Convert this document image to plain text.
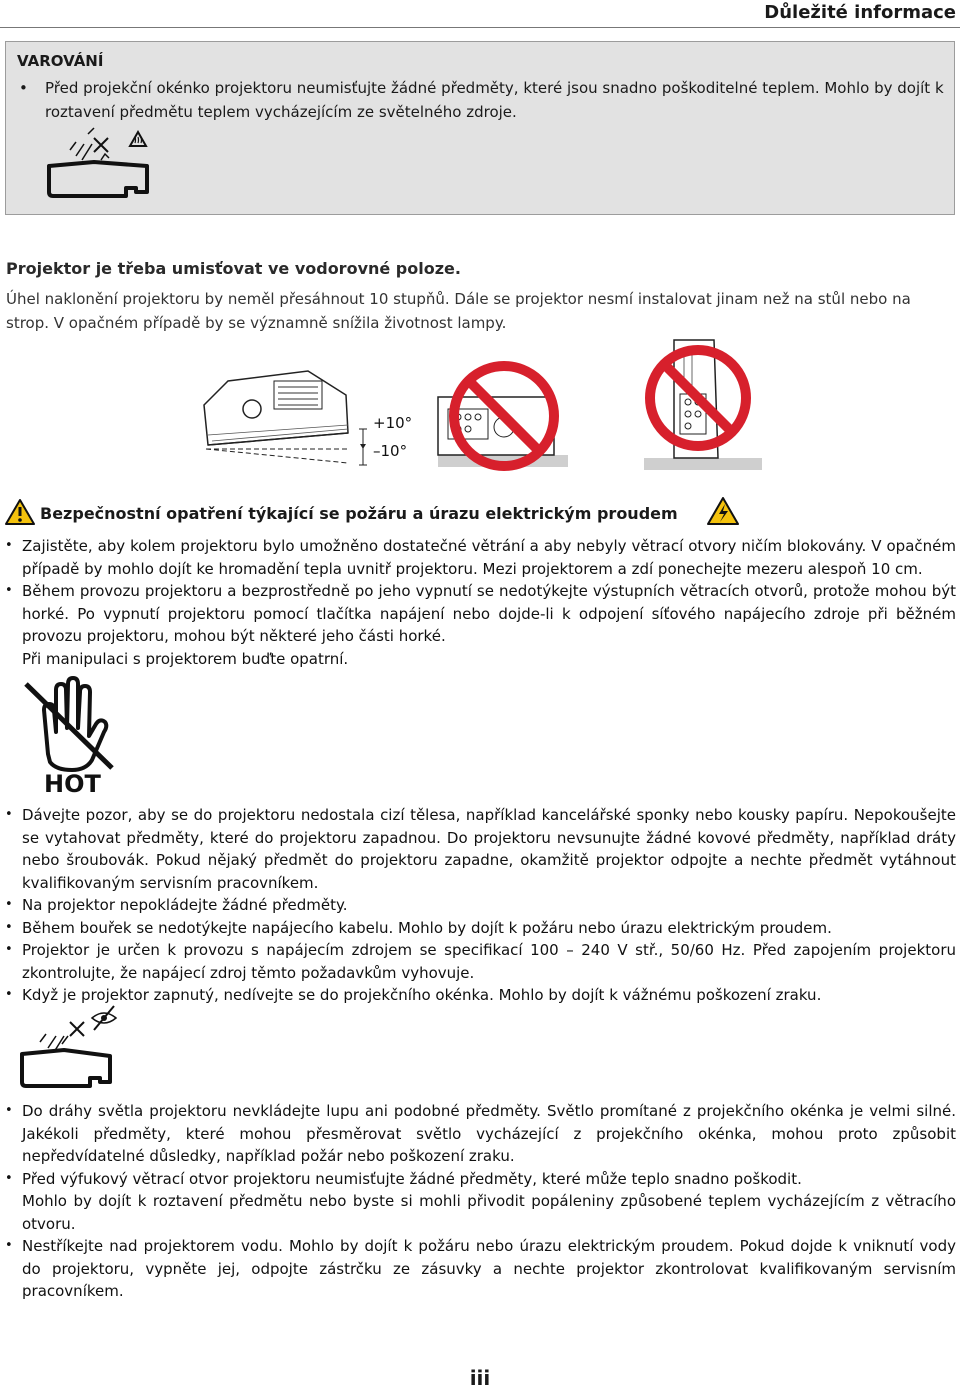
Důležité informace
VAROVÁNÍ
• Před projekční okénko projektoru neumisťujte žádné předměty, které jsou snadno poškoditelné teplem. Mohlo by dojít k roztavení předmětu teplem vycházejícím ze světelného zdroje.
Projektor je třeba umisťovat ve vodorovné poloze.
Úhel naklonění projektoru by neměl přesáhnout 10 stupňů. Dále se projektor nesmí instalovat jinam než na stůl nebo na strop. V opačném případě by se významně snížila životnost lampy.
+10°
–10°
Bezpečnostní opatření týkající se požáru a úrazu elektrickým proudem
• Zajistěte, aby kolem projektoru bylo umožněno dostatečné větrání a aby nebyly větrací otvory ničím blokovány. V opačném případě by mohlo dojít ke hromadění tepla uvnitř projektoru. Mezi projektorem a zdí ponechejte mezeru alespoň 10 cm.
• Během provozu projektoru a bezprostředně po jeho vypnutí se nedotýkejte výstupních větracích otvorů, protože mohou být horké. Po vypnutí projektoru pomocí tlačítka napájení nebo dojde-li k odpojení síťového napájecího zdroje při běžném provozu projektoru, mohou být některé jeho části horké.
Při manipulaci s projektorem buďte opatrní.
HOT
• Dávejte pozor, aby se do projektoru nedostala cizí tělesa, například kancelářské sponky nebo kousky papíru. Nepokoušejte se vytahovat předměty, které do projektoru zapadnou. Do projektoru nevsunujte žádné kovové předměty, například dráty nebo šroubovák. Pokud nějaký předmět do projektoru zapadne, okamžitě projektor odpojte a nechte předmět vytáhnout kvalifikovaným servisním pracovníkem.
• Na projektor nepokládejte žádné předměty.
• Během bouřek se nedotýkejte napájecího kabelu. Mohlo by dojít k požáru nebo úrazu elektrickým proudem.
• Projektor je určen k provozu s napájecím zdrojem se specifikací 100 – 240 V stř., 50/60 Hz. Před zapojením projektoru zkontrolujte, že napájecí zdroj těmto požadavkům vyhovuje.
• Když je projektor zapnutý, nedívejte se do projekčního okénka. Mohlo by dojít k vážnému poškození zraku.
• Do dráhy světla projektoru nevkládejte lupu ani podobné předměty. Světlo promítané z projekčního okénka je velmi silné. Jakékoli předměty, které mohou přesměrovat světlo vycházející z projekčního okénka, mohou proto způsobit nepředvídatelné důsledky, například požár nebo poškození zraku.
• Před výfukový větrací otvor projektoru neumisťujte žádné předměty, které může teplo snadno poškodit.
Mohlo by dojít k roztavení předmětu nebo byste si mohli přivodit popáleniny způsobené teplem vycházejícím z větracího otvoru.
• Nestříkejte nad projektorem vodu. Mohlo by dojít k požáru nebo úrazu elektrickým proudem. Pokud dojde k vniknutí vody do projektoru, vypněte jej, odpojte zástrčku ze zásuvky a nechte projektor zkontrolovat kvalifikovaným servisním pracovníkem.
iii
